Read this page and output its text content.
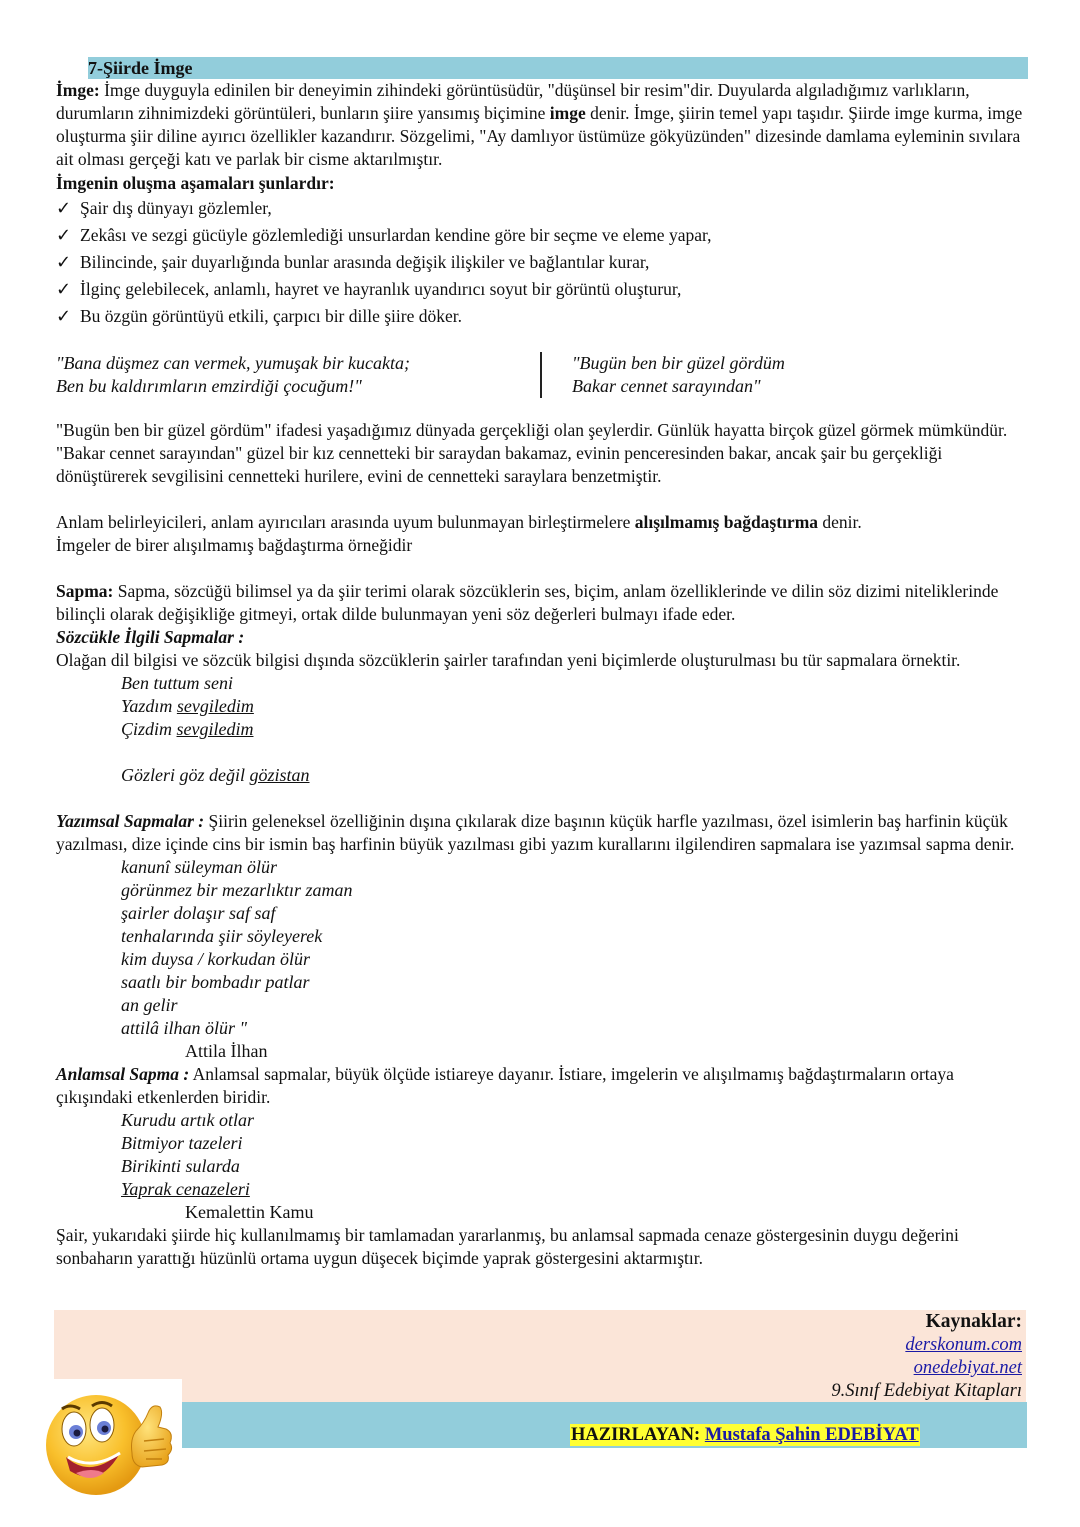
7-Şiirde İmge

İmge: İmge duyguyla edinilen bir deneyimin zihindeki görüntüsüdür, "düşünsel bir resim"dir. Duyularda algıladığımız varlıkların, durumların zihnimizdeki görüntüleri, bunların şiire yansımış biçimine imge denir. İmge, şiirin temel yapı taşıdır. Şiirde imge kurma, imge oluşturma şiir diline ayırıcı özellikler kazandırır. Sözgelimi, "Ay damlıyor üstümüze gökyüzünden" dizesinde damlama eyleminin sıvılara ait olması gerçeği katı ve parlak bir cisme aktarılmıştır.

İmgenin oluşma aşamaları şunlardır:

✓ Şair dış dünyayı gözlemler,
✓ Zekâsı ve sezgi gücüyle gözlemlediği unsurlardan kendine göre bir seçme ve eleme yapar,
✓ Bilincinde, şair duyarlığında bunlar arasında değişik ilişkiler ve bağlantılar kurar,
✓ İlginç gelebilecek, anlamlı, hayret ve hayranlık uyandırıcı soyut bir görüntü oluşturur,
✓ Bu özgün görüntüyü etkili, çarpıcı bir dille şiire döker.
"Bana düşmez can vermek, yumuşak bir kucakta;
Ben bu kaldırımların emzirdiği çocuğum!"
"Bugün ben bir güzel gördüm
Bakar cennet sarayından"

"Bugün ben bir güzel gördüm" ifadesi yaşadığımız dünyada gerçekliği olan şeylerdir. Günlük hayatta birçok güzel görmek mümkündür. "Bakar cennet sarayından" güzel bir kız cennetteki bir saraydan bakamaz, evinin penceresinden bakar, ancak şair bu gerçekliği dönüştürerek sevgilisini cennetteki hurilere, evini de cennetteki saraylara benzetmiştir.

Anlam belirleyicileri, anlam ayırıcıları arasında uyum bulunmayan birleştirmelere alışılmamış bağdaştırma denir.
İmgeler de birer alışılmamış bağdaştırma örneğidir

Sapma: Sapma, sözcüğü bilimsel ya da şiir terimi olarak sözcüklerin ses, biçim, anlam özelliklerinde ve dilin söz dizimi niteliklerinde bilinçli olarak değişikliğe gitmeyi, ortak dilde bulunmayan yeni söz değerleri bulmayı ifade eder.

Sözcükle İlgili Sapmalar :

Olağan dil bilgisi ve sözcük bilgisi dışında sözcüklerin şairler tarafından yeni biçimlerde oluşturulması bu tür sapmalara örnektir.

Ben tuttum seni
Yazdım sevgiledim
Çizdim sevgiledim
Gözleri göz değil gözistan

Yazımsal Sapmalar : Şiirin geleneksel özelliğinin dışına çıkılarak dize başının küçük harfle yazılması, özel isimlerin baş harfinin küçük yazılması, dize içinde cins bir ismin baş harfinin büyük yazılması gibi yazım kurallarını ilgilendiren sapmalara ise yazımsal sapma denir.

kanunî süleyman ölür
görünmez bir mezarlıktır zaman
şairler dolaşır saf saf
tenhalarında şiir söyleyerek
kim duysa / korkudan ölür
saatlı bir bombadır patlar
an gelir
attilâ ilhan ölür "
Attila İlhan

Anlamsal Sapma : Anlamsal sapmalar, büyük ölçüde istiareye dayanır. İstiare, imgelerin ve alışılmamış bağdaştırmaların ortaya çıkışındaki etkenlerden biridir.

Kurudu artık otlar
Bitmiyor tazeleri
Birikinti sularda
Yaprak cenazeleri
Kemalettin Kamu

Şair, yukarıdaki şiirde hiç kullanılmamış bir tamlamadan yararlanmış, bu anlamsal sapmada cenaze göstergesinin duygu değerini sonbaharın yarattığı hüzünlü ortama uygun düşecek biçimde yaprak göstergesini aktarmıştır.

Kaynaklar:
derskonum.com
onedebiyat.net
9.Sınıf Edebiyat Kitapları
HAZIRLAYAN: Mustafa Şahin EDEBİYAT
